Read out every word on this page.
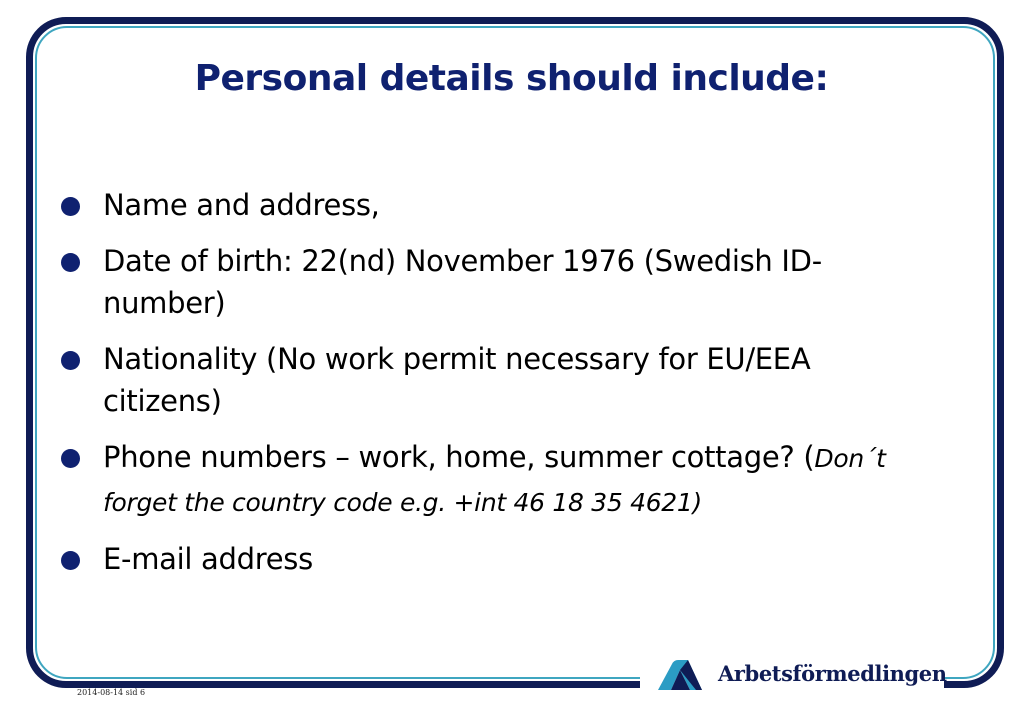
Personal details should include:
Name and address,
Date of birth: 22(nd) November 1976 (Swedish ID-number)
Nationality (No work permit necessary for EU/EEA citizens)
Phone numbers – work, home, summer cottage? (Don´t forget the country code e.g. +int 46 18 35 4621)
E-mail address
Arbetsförmedlingen
2014-08-14 sid 6
